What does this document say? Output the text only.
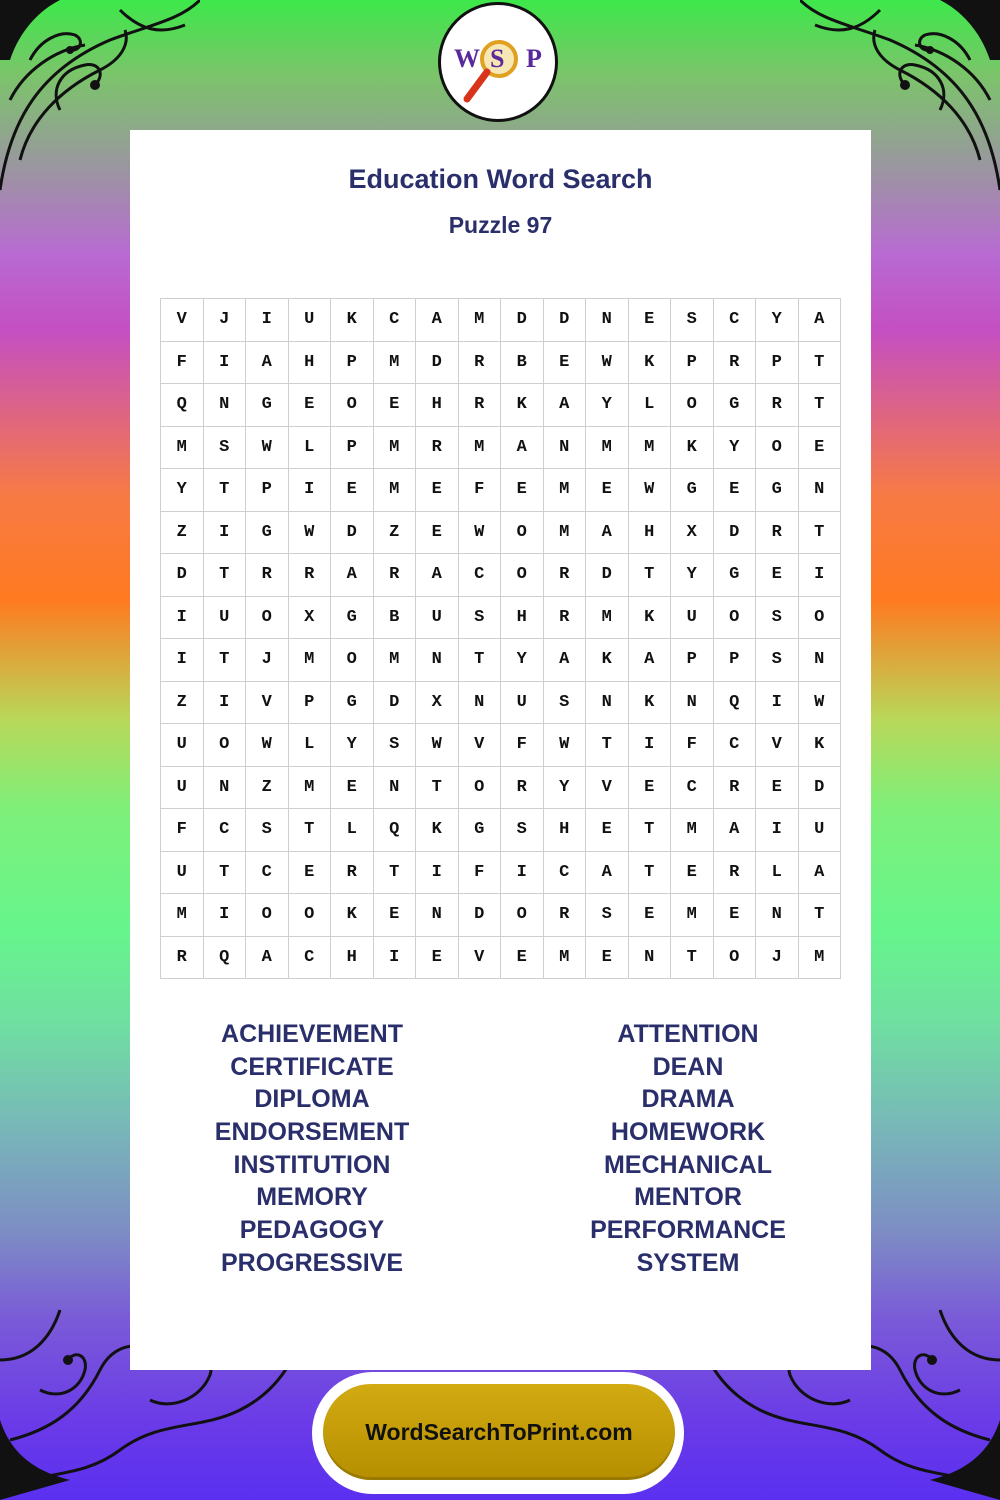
W S P
Education Word Search
Puzzle 97
V	J	I	U	K	C	A	M	D	D	N	E	S	C	Y	A
F	I	A	H	P	M	D	R	B	E	W	K	P	R	P	T
Q	N	G	E	O	E	H	R	K	A	Y	L	O	G	R	T
M	S	W	L	P	M	R	M	A	N	M	M	K	Y	O	E
Y	T	P	I	E	M	E	F	E	M	E	W	G	E	G	N
Z	I	G	W	D	Z	E	W	O	M	A	H	X	D	R	T
D	T	R	R	A	R	A	C	O	R	D	T	Y	G	E	I
I	U	O	X	G	B	U	S	H	R	M	K	U	O	S	O
I	T	J	M	O	M	N	T	Y	A	K	A	P	P	S	N
Z	I	V	P	G	D	X	N	U	S	N	K	N	Q	I	W
U	O	W	L	Y	S	W	V	F	W	T	I	F	C	V	K
U	N	Z	M	E	N	T	O	R	Y	V	E	C	R	E	D
F	C	S	T	L	Q	K	G	S	H	E	T	M	A	I	U
U	T	C	E	R	T	I	F	I	C	A	T	E	R	L	A
M	I	O	O	K	E	N	D	O	R	S	E	M	E	N	T
R	Q	A	C	H	I	E	V	E	M	E	N	T	O	J	M
ACHIEVEMENT
CERTIFICATE
DIPLOMA
ENDORSEMENT
INSTITUTION
MEMORY
PEDAGOGY
PROGRESSIVE
ATTENTION
DEAN
DRAMA
HOMEWORK
MECHANICAL
MENTOR
PERFORMANCE
SYSTEM
WordSearchToPrint.com
